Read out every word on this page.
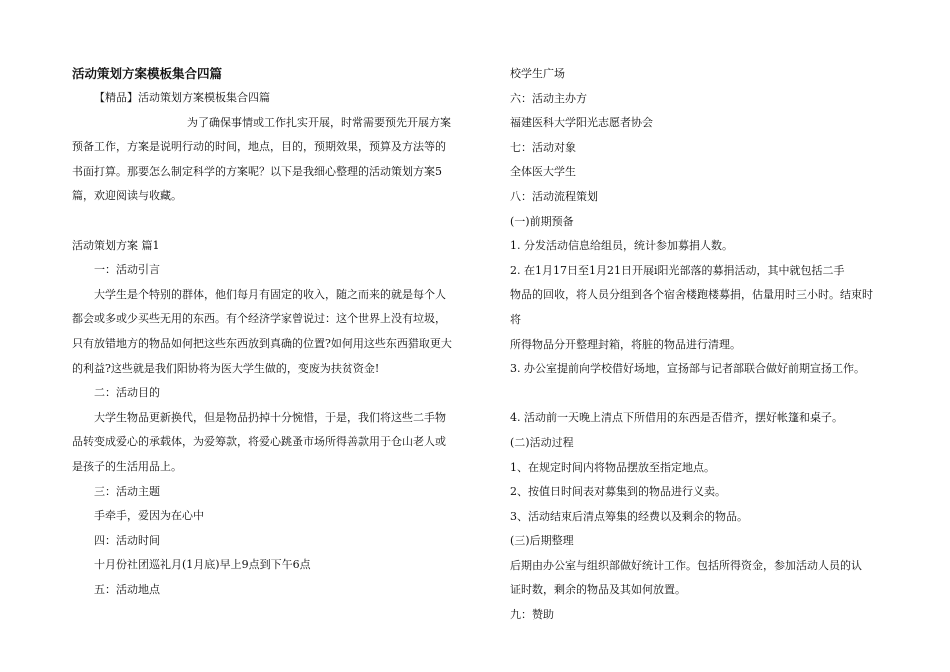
活动策划方案模板集合四篇

【精品】活动策划方案模板集合四篇

为了确保事情或工作扎实开展，时常需要预先开展方案

预备工作，方案是说明行动的时间，地点，目的，预期效果，预算及方法等的

书面打算。那要怎么制定科学的方案呢？以下是我细心整理的活动策划方案5

篇，欢迎阅读与收藏。

活动策划方案 篇1

一：活动引言

大学生是个特别的群体，他们每月有固定的收入，随之而来的就是每个人

都会或多或少买些无用的东西。有个经济学家曾说过：这个世界上没有垃圾，

只有放错地方的物品如何把这些东西放到真确的位置?如何用这些东西猎取更大

的利益?这些就是我们阳协将为医大学生做的，变废为扶贫资金!

二：活动目的

大学生物品更新换代，但是物品扔掉十分惋惜，于是，我们将这些二手物

品转变成爱心的承载体，为爱筹款，将爱心跳蚤市场所得善款用于仓山老人或

是孩子的生活用品上。

三：活动主题

手牵手，爱因为在心中

四：活动时间

十月份社团巡礼月(1月底)早上9点到下午6点

五：活动地点

校学生广场

六：活动主办方

福建医科大学阳光志愿者协会

七：活动对象

全体医大学生

八：活动流程策划

(一)前期预备

1. 分发活动信息给组员，统计参加募捐人数。

2. 在1月17日至1月21日开展i阳光部落的募捐活动，其中就包括二手

物品的回收，将人员分组到各个宿舍楼跑楼募捐，估量用时三小时。结束时将

所得物品分开整理封箱，将脏的物品进行清理。

3. 办公室提前向学校借好场地，宣扬部与记者部联合做好前期宣扬工作。

4. 活动前一天晚上清点下所借用的东西是否借齐，摆好帐篷和桌子。

(二)活动过程

1、在规定时间内将物品摆放至指定地点。

2、按值日时间表对募集到的物品进行义卖。

3、活动结束后清点筹集的经费以及剩余的物品。

(三)后期整理

后期由办公室与组织部做好统计工作。包括所得资金，参加活动人员的认

证时数，剩余的物品及其如何放置。

九：赞助
